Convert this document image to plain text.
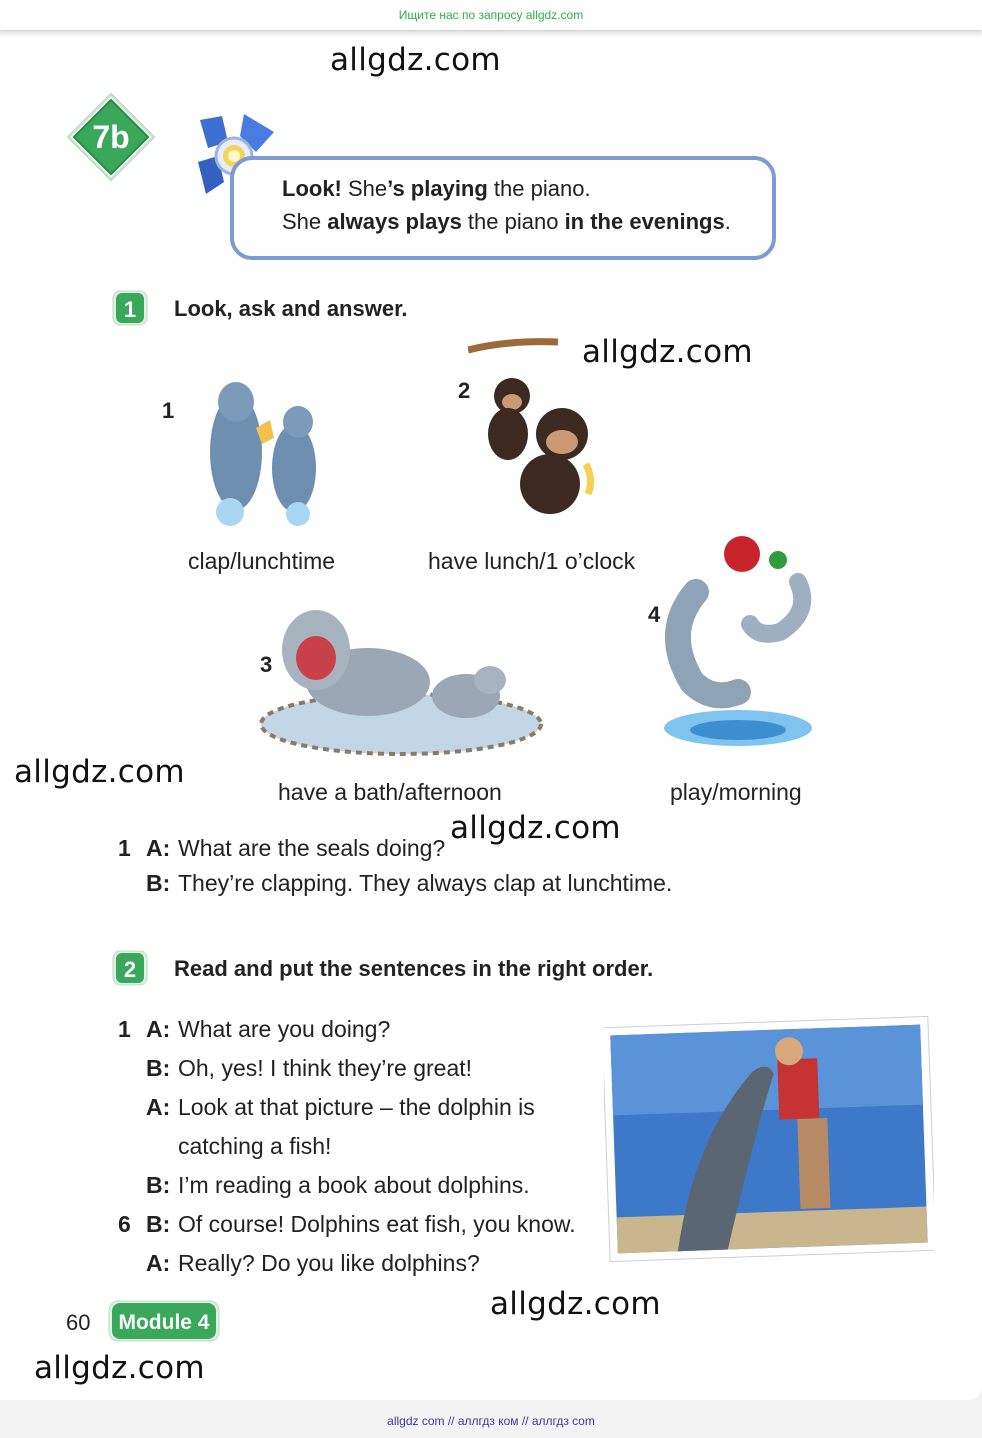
Ищите нас по запросу allgdz.com
7b
Look! She’s playing the piano.
She always plays the piano in the evenings.
1 Look, ask and answer.
1
clap/lunchtime
2
have lunch/1 o’clock
3
have a bath/afternoon
4
play/morning
1 A: What are the seals doing?
B: They’re clapping. They always clap at lunchtime.
2 Read and put the sentences in the right order.
1 A: What are you doing?
B: Oh, yes! I think they’re great!
A: Look at that picture – the dolphin is
catching a fish!
B: I’m reading a book about dolphins.
6 B: Of course! Dolphins eat fish, you know.
A: Really? Do you like dolphins?
60 Module 4
allgdz.com
allgdz.com
allgdz.com
allgdz.com
allgdz.com
allgdz.com
allgdz com // аллгдз ком // аллгдз com
